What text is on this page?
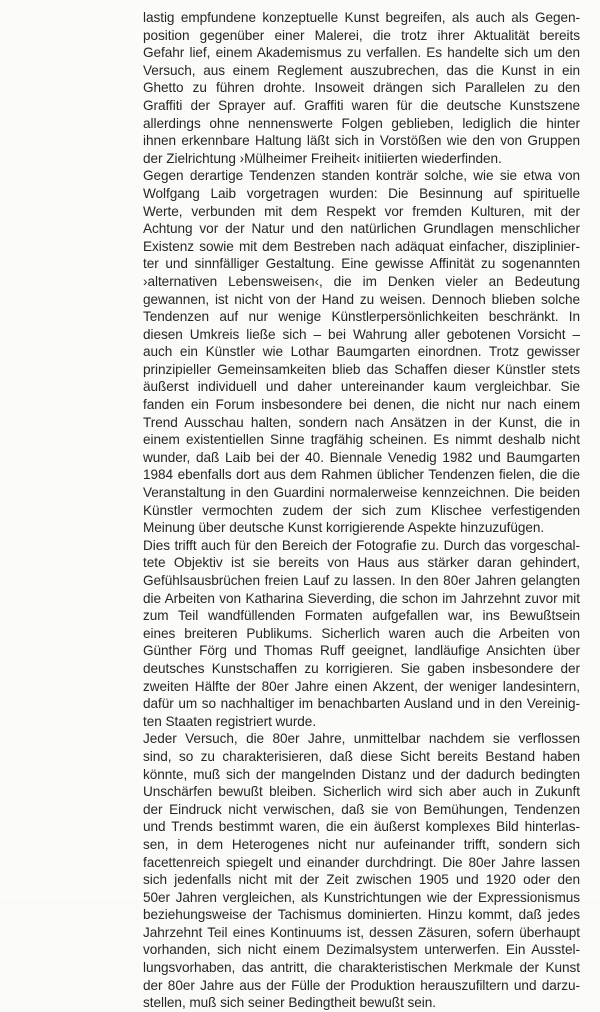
lastig empfundene konzeptuelle Kunst begreifen, als auch als Gegen-
position gegenüber einer Malerei, die trotz ihrer Aktualität bereits
Gefahr lief, einem Akademismus zu verfallen. Es handelte sich um den
Versuch, aus einem Reglement auszubrechen, das die Kunst in ein
Ghetto zu führen drohte. Insoweit drängen sich Parallelen zu den
Graffiti der Sprayer auf. Graffiti waren für die deutsche Kunstszene
allerdings ohne nennenswerte Folgen geblieben, lediglich die hinter
ihnen erkennbare Haltung läßt sich in Vorstößen wie den von Gruppen
der Zielrichtung ›Mülheimer Freiheit‹ initiierten wiederfinden.
Gegen derartige Tendenzen standen konträr solche, wie sie etwa von
Wolfgang Laib vorgetragen wurden: Die Besinnung auf spirituelle
Werte, verbunden mit dem Respekt vor fremden Kulturen, mit der
Achtung vor der Natur und den natürlichen Grundlagen menschlicher
Existenz sowie mit dem Bestreben nach adäquat einfacher, disziplinier-
ter und sinnfälliger Gestaltung. Eine gewisse Affinität zu sogenannten
›alternativen Lebensweisen‹, die im Denken vieler an Bedeutung
gewannen, ist nicht von der Hand zu weisen. Dennoch blieben solche
Tendenzen auf nur wenige Künstlerpersönlichkeiten beschränkt. In
diesen Umkreis ließe sich – bei Wahrung aller gebotenen Vorsicht –
auch ein Künstler wie Lothar Baumgarten einordnen. Trotz gewisser
prinzipieller Gemeinsamkeiten blieb das Schaffen dieser Künstler stets
äußerst individuell und daher untereinander kaum vergleichbar. Sie
fanden ein Forum insbesondere bei denen, die nicht nur nach einem
Trend Ausschau halten, sondern nach Ansätzen in der Kunst, die in
einem existentiellen Sinne tragfähig scheinen. Es nimmt deshalb nicht
wunder, daß Laib bei der 40. Biennale Venedig 1982 und Baumgarten
1984 ebenfalls dort aus dem Rahmen üblicher Tendenzen fielen, die die
Veranstaltung in den Guardini normalerweise kennzeichnen. Die beiden
Künstler vermochten zudem der sich zum Klischee verfestigenden
Meinung über deutsche Kunst korrigierende Aspekte hinzuzufügen.
Dies trifft auch für den Bereich der Fotografie zu. Durch das vorgeschal-
tete Objektiv ist sie bereits von Haus aus stärker daran gehindert,
Gefühlsausbrüchen freien Lauf zu lassen. In den 80er Jahren gelangten
die Arbeiten von Katharina Sieverding, die schon im Jahrzehnt zuvor mit
zum Teil wandfüllenden Formaten aufgefallen war, ins Bewußtsein
eines breiteren Publikums. Sicherlich waren auch die Arbeiten von
Günther Förg und Thomas Ruff geeignet, landläufige Ansichten über
deutsches Kunstschaffen zu korrigieren. Sie gaben insbesondere der
zweiten Hälfte der 80er Jahre einen Akzent, der weniger landesintern,
dafür um so nachhaltiger im benachbarten Ausland und in den Vereinig-
ten Staaten registriert wurde.
Jeder Versuch, die 80er Jahre, unmittelbar nachdem sie verflossen
sind, so zu charakterisieren, daß diese Sicht bereits Bestand haben
könnte, muß sich der mangelnden Distanz und der dadurch bedingten
Unschärfen bewußt bleiben. Sicherlich wird sich aber auch in Zukunft
der Eindruck nicht verwischen, daß sie von Bemühungen, Tendenzen
und Trends bestimmt waren, die ein äußerst komplexes Bild hinterlas-
sen, in dem Heterogenes nicht nur aufeinander trifft, sondern sich
facettenreich spiegelt und einander durchdringt. Die 80er Jahre lassen
sich jedenfalls nicht mit der Zeit zwischen 1905 und 1920 oder den
50er Jahren vergleichen, als Kunstrichtungen wie der Expressionismus
beziehungsweise der Tachismus dominierten. Hinzu kommt, daß jedes
Jahrzehnt Teil eines Kontinuums ist, dessen Zäsuren, sofern überhaupt
vorhanden, sich nicht einem Dezimalsystem unterwerfen. Ein Ausstel-
lungsvorhaben, das antritt, die charakteristischen Merkmale der Kunst
der 80er Jahre aus der Fülle der Produktion herauszufiltern und darzu-
stellen, muß sich seiner Bedingtheit bewußt sein.
